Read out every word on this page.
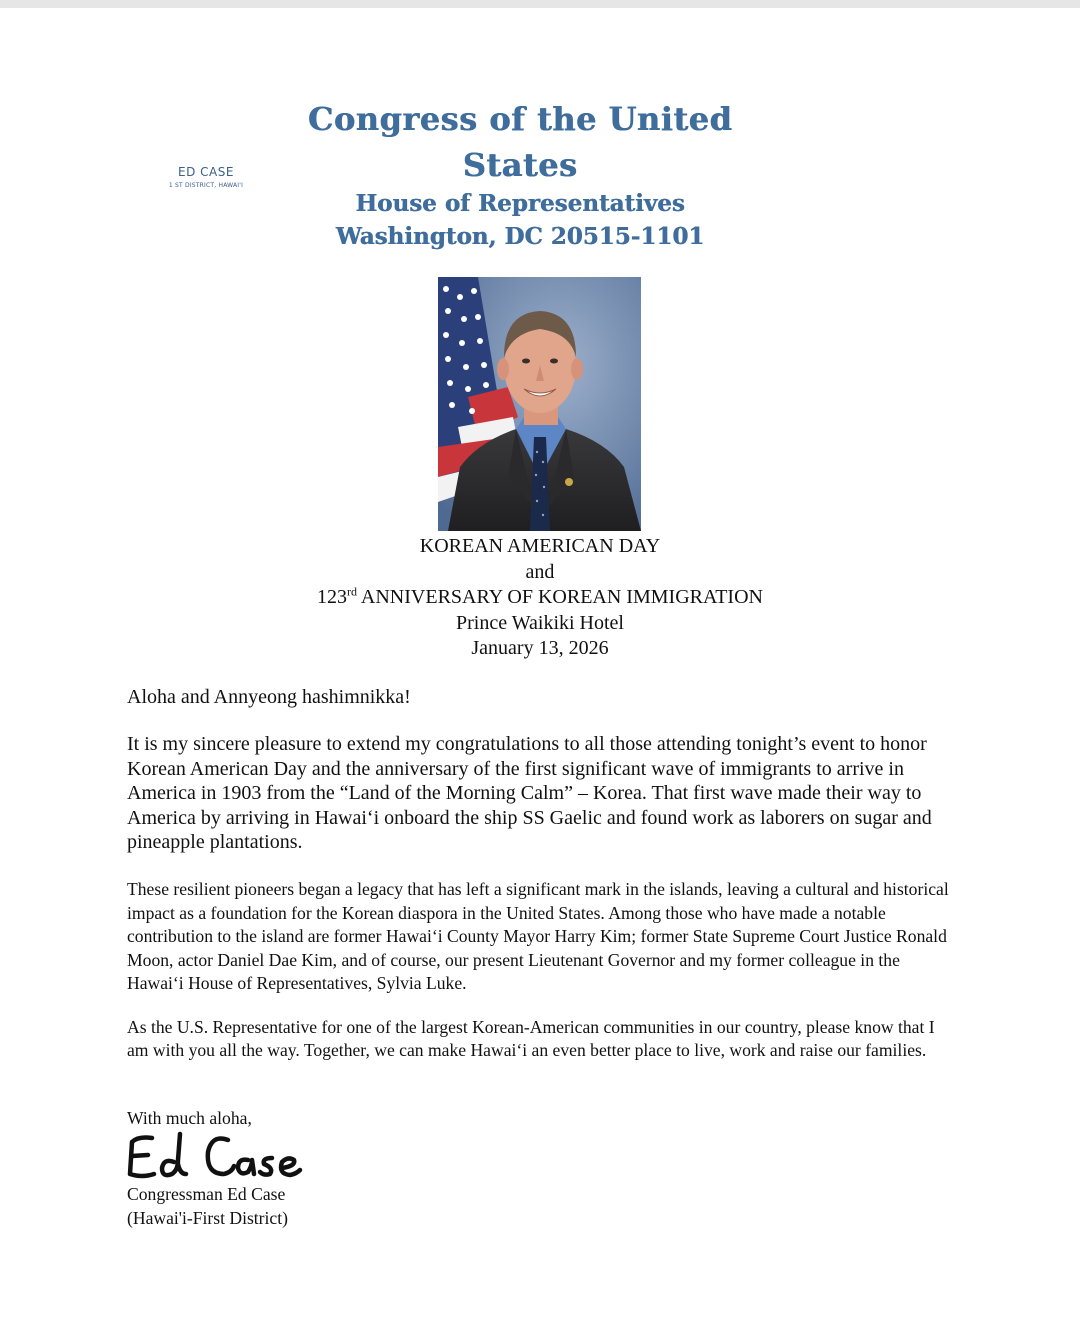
ED CASE
1 ST DISTRICT, HAWAI'I
Congress of the United States
House of Representatives
Washington, DC 20515-1101
KOREAN AMERICAN DAY
and
123rd ANNIVERSARY OF KOREAN IMMIGRATION
Prince Waikiki Hotel
January 13, 2026
Aloha and Annyeong hashimnikka!
It is my sincere pleasure to extend my congratulations to all those attending tonight’s event to honor Korean American Day and the anniversary of the first significant wave of immigrants to arrive in America in 1903 from the “Land of the Morning Calm” – Korea. That first wave made their way to America by arriving in Hawaiʻi onboard the ship SS Gaelic and found work as laborers on sugar and pineapple plantations.
These resilient pioneers began a legacy that has left a significant mark in the islands, leaving a cultural and historical impact as a foundation for the Korean diaspora in the United States. Among those who have made a notable contribution to the island are former Hawaiʻi County Mayor Harry Kim; former State Supreme Court Justice Ronald Moon, actor Daniel Dae Kim, and of course, our present Lieutenant Governor and my former colleague in the Hawaiʻi House of Representatives, Sylvia Luke.
As the U.S. Representative for one of the largest Korean-American communities in our country, please know that I am with you all the way. Together, we can make Hawaiʻi an even better place to live, work and raise our families.
With much aloha,
Congressman Ed Case
(Hawai'i-First District)
